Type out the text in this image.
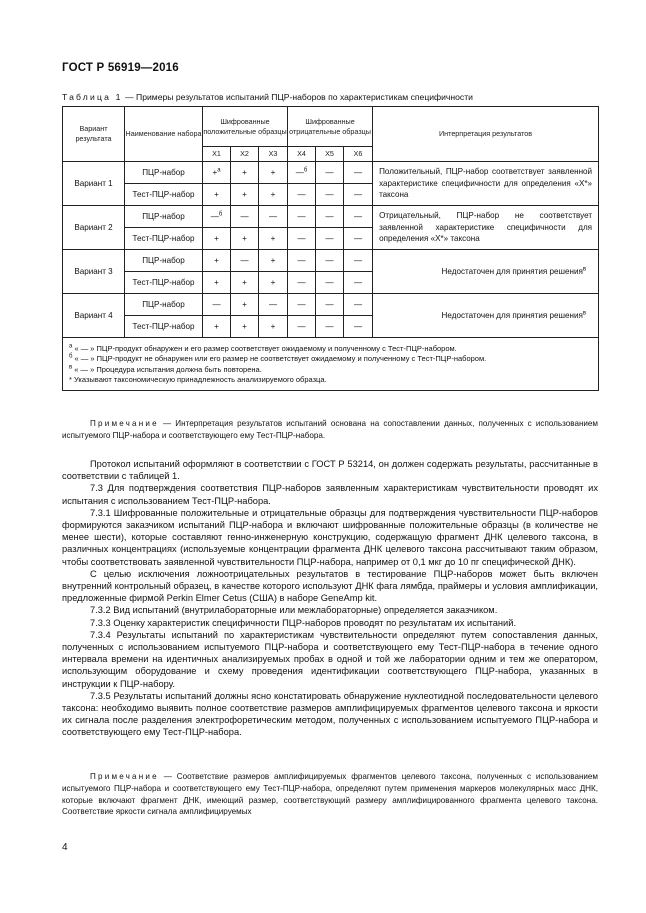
ГОСТ Р 56919—2016
Таблица 1 — Примеры результатов испытаний ПЦР-наборов по характеристикам специфичности
Вариант результата	Наименование набора	Шифрованные положительные образцы			Шифрованные отрицательные образцы			Интерпретация результатов
		X1	X2	X3	X4	X5	X6	
Вариант 1	ПЦР-набор	+$^а$	+	+	—$^б$	—	—	Положительный, ПЦР-набор соответствует заявленной характеристике специфичности для определения «Х*» таксона
	Тест-ПЦР-набор	+	+	+	—	—	—	
Вариант 2	ПЦР-набор	—$^б$	—	—	—	—	—	Отрицательный, ПЦР-набор не соответствует заявленной характеристике специфичности для определения «Х*» таксона
	Тест-ПЦР-набор	+	+	+	—	—	—	
Вариант 3	ПЦР-набор	+	—	+	—	—	—	Недостаточен для принятия решения$^в$
	Тест-ПЦР-набор	+	+	+	—	—	—	
Вариант 4	ПЦР-набор	—	+	—	—	—	—	Недостаточен для принятия решения$^в$
	Тест-ПЦР-набор	+	+	+	—	—	—	

$^а$ « — » ПЦР-продукт обнаружен и его размер соответствует ожидаемому и полученному с Тест-ПЦР-набором.

$^б$ « — » ПЦР-продукт не обнаружен или его размер не соответствует ожидаемому и полученному с Тест-ПЦР-набором.

$^в$ « — » Процедура испытания должна быть повторена.

* Указывают таксономическую принадлежность анализируемого образца.								

Примечание — Интерпретация результатов испытаний основана на сопоставлении данных, полученных с использованием испытуемого ПЦР-набора и соответствующего ему Тест-ПЦР-набора.

Протокол испытаний оформляют в соответствии с ГОСТ Р 53214, он должен содержать результаты, рассчитанные в соответствии с таблицей 1.

7.3 Для подтверждения соответствия ПЦР-наборов заявленным характеристикам чувствительности проводят их испытания с использованием Тест-ПЦР-набора.

7.3.1 Шифрованные положительные и отрицательные образцы для подтверждения чувствительности ПЦР-наборов формируются заказчиком испытаний ПЦР-набора и включают шифрованные положительные образцы (в количестве не менее шести), которые составляют генно-инженерную конструкцию, содержащую фрагмент ДНК целевого таксона, в различных концентрациях (используемые концентрации фрагмента ДНК целевого таксона рассчитывают таким образом, чтобы соответствовать заявленной чувствительности ПЦР-набора, например от 0,1 мкг до 10 пг специфической ДНК).

С целью исключения ложноотрицательных результатов в тестирование ПЦР-наборов может быть включен внутренний контрольный образец, в качестве которого используют ДНК фага лямбда, праймеры и условия амплификации, предложенные фирмой Perkin Elmer Cetus (США) в наборе GeneAmp kit.

7.3.2 Вид испытаний (внутрилабораторные или межлабораторные) определяется заказчиком.

7.3.3 Оценку характеристик специфичности ПЦР-наборов проводят по результатам их испытаний.

7.3.4 Результаты испытаний по характеристикам чувствительности определяют путем сопоставления данных, полученных с использованием испытуемого ПЦР-набора и соответствующего ему Тест-ПЦР-набора в течение одного интервала времени на идентичных анализируемых пробах в одной и той же лаборатории одним и тем же оператором, использующим оборудование и схему проведения идентификации соответствующего ПЦР-набора, указанных в инструкции к ПЦР-набору.

7.3.5 Результаты испытаний должны ясно констатировать обнаружение нуклеотидной последовательности целевого таксона: необходимо выявить полное соответствие размеров амплифицируемых фрагментов целевого таксона и яркости их сигнала после разделения электрофоретическим методом, полученных с использованием испытуемого ПЦР-набора и соответствующего ему Тест-ПЦР-набора.

Примечание — Соответствие размеров амплифицируемых фрагментов целевого таксона, полученных с использованием испытуемого ПЦР-набора и соответствующего ему Тест-ПЦР-набора, определяют путем применения маркеров молекулярных масс ДНК, которые включают фрагмент ДНК, имеющий размер, соответствующий размеру амплифицированного фрагмента целевого таксона. Соответствие яркости сигнала амплифицируемых
4
